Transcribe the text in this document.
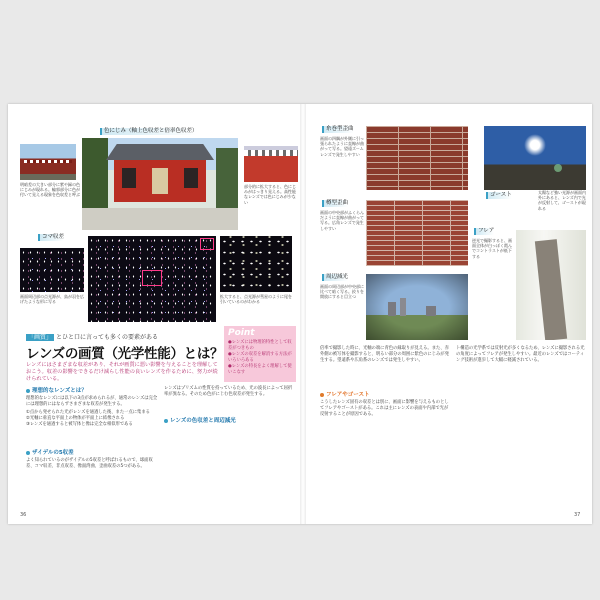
色にじみ（軸上色収差と倍率色収差）
明暗差の大きい部分に紫や緑の色にじみが現れる。輪郭部分に色が付いて見える現象を色収差と呼ぶ
部分的に拡大すると、色にじみがはっきり見える。高性能なレンズでは色にじみが少ない
コマ収差
画面周辺部の点光源が、鳥が羽を広げたような形に写る
拡大すると、点光源が彗星のように尾を引いているのがわかる
「画質」 とひと口に言っても多くの要素がある
レンズの画質（光学性能）とは？
レンズにはさまざまな収差があり、それが画質に悪い影響を与えることを理解しておこう。収差の影響をできるだけ減らし性能の良いレンズを作るために、努力が続けられている。
Point
●レンズには物理的特性として収差がつきもの
●レンズの収差を解消する方法がいろいろある
●レンズの特長をよく理解して使いこなす
理想的なレンズとは？
理想的なレンズには以下の3点が求められるが、通常のレンズは完全には理想的にはならずさまざまな収差が発生する。
①点から発せられた光がレンズを通過した後、また一点に集まる
②光軸に垂直な平面上の物体が平面上に結像される
③レンズを通過すると被写体と像は完全な相似形である
ザイデルの5収差
よく知られているのがザイデルの5収差と呼ばれるもので、球面収差、コマ収差、非点収差、像面湾曲、歪曲収差の5つがある。
レンズはプリズムの性質を持っているため、光の波長によって屈折率が異なる。そのため色がにじむ色収差が発生する。
レンズの色収差と周辺減光
36
糸巻型歪曲
画面の四隅が外側に引っ張られたように直線が曲がって写る。望遠ズームレンズで発生しやすい
樽型歪曲
画面の中央部がふくらんだように直線が曲がって写る。広角レンズで発生しやすい
周辺減光
画面の周辺部が中央部に比べて暗く写る。絞りを開放にすると目立つ
ゴースト	太陽など強い光源が画面内外にあると、レンズ内で光が反射して、ゴーストが現れる
フレア
逆光で撮影すると、画面全体が白っぽく霞んでコントラストが低下する
倍率で撮影した時に、光軸の端に青色の縁取りが見える。また、赤外側の被写体を撮影すると、明るい部分の周囲に紫色のにじみが発生する。望遠系や広角系のレンズでは発生しやすい。
フレアやゴースト
こうしたレンズ固有の収差とは別に、画面に影響を与えるものとしてフレアやゴーストがある。これは主にレンズの表面や内部で光が反射することが原因である。
ト構造の光学系では反射光が多くなるため、レンズに撮影される光の角度によってフレアが発生しやすい。最近のレンズではコーティング技術が進歩して大幅に軽減されている。
37
